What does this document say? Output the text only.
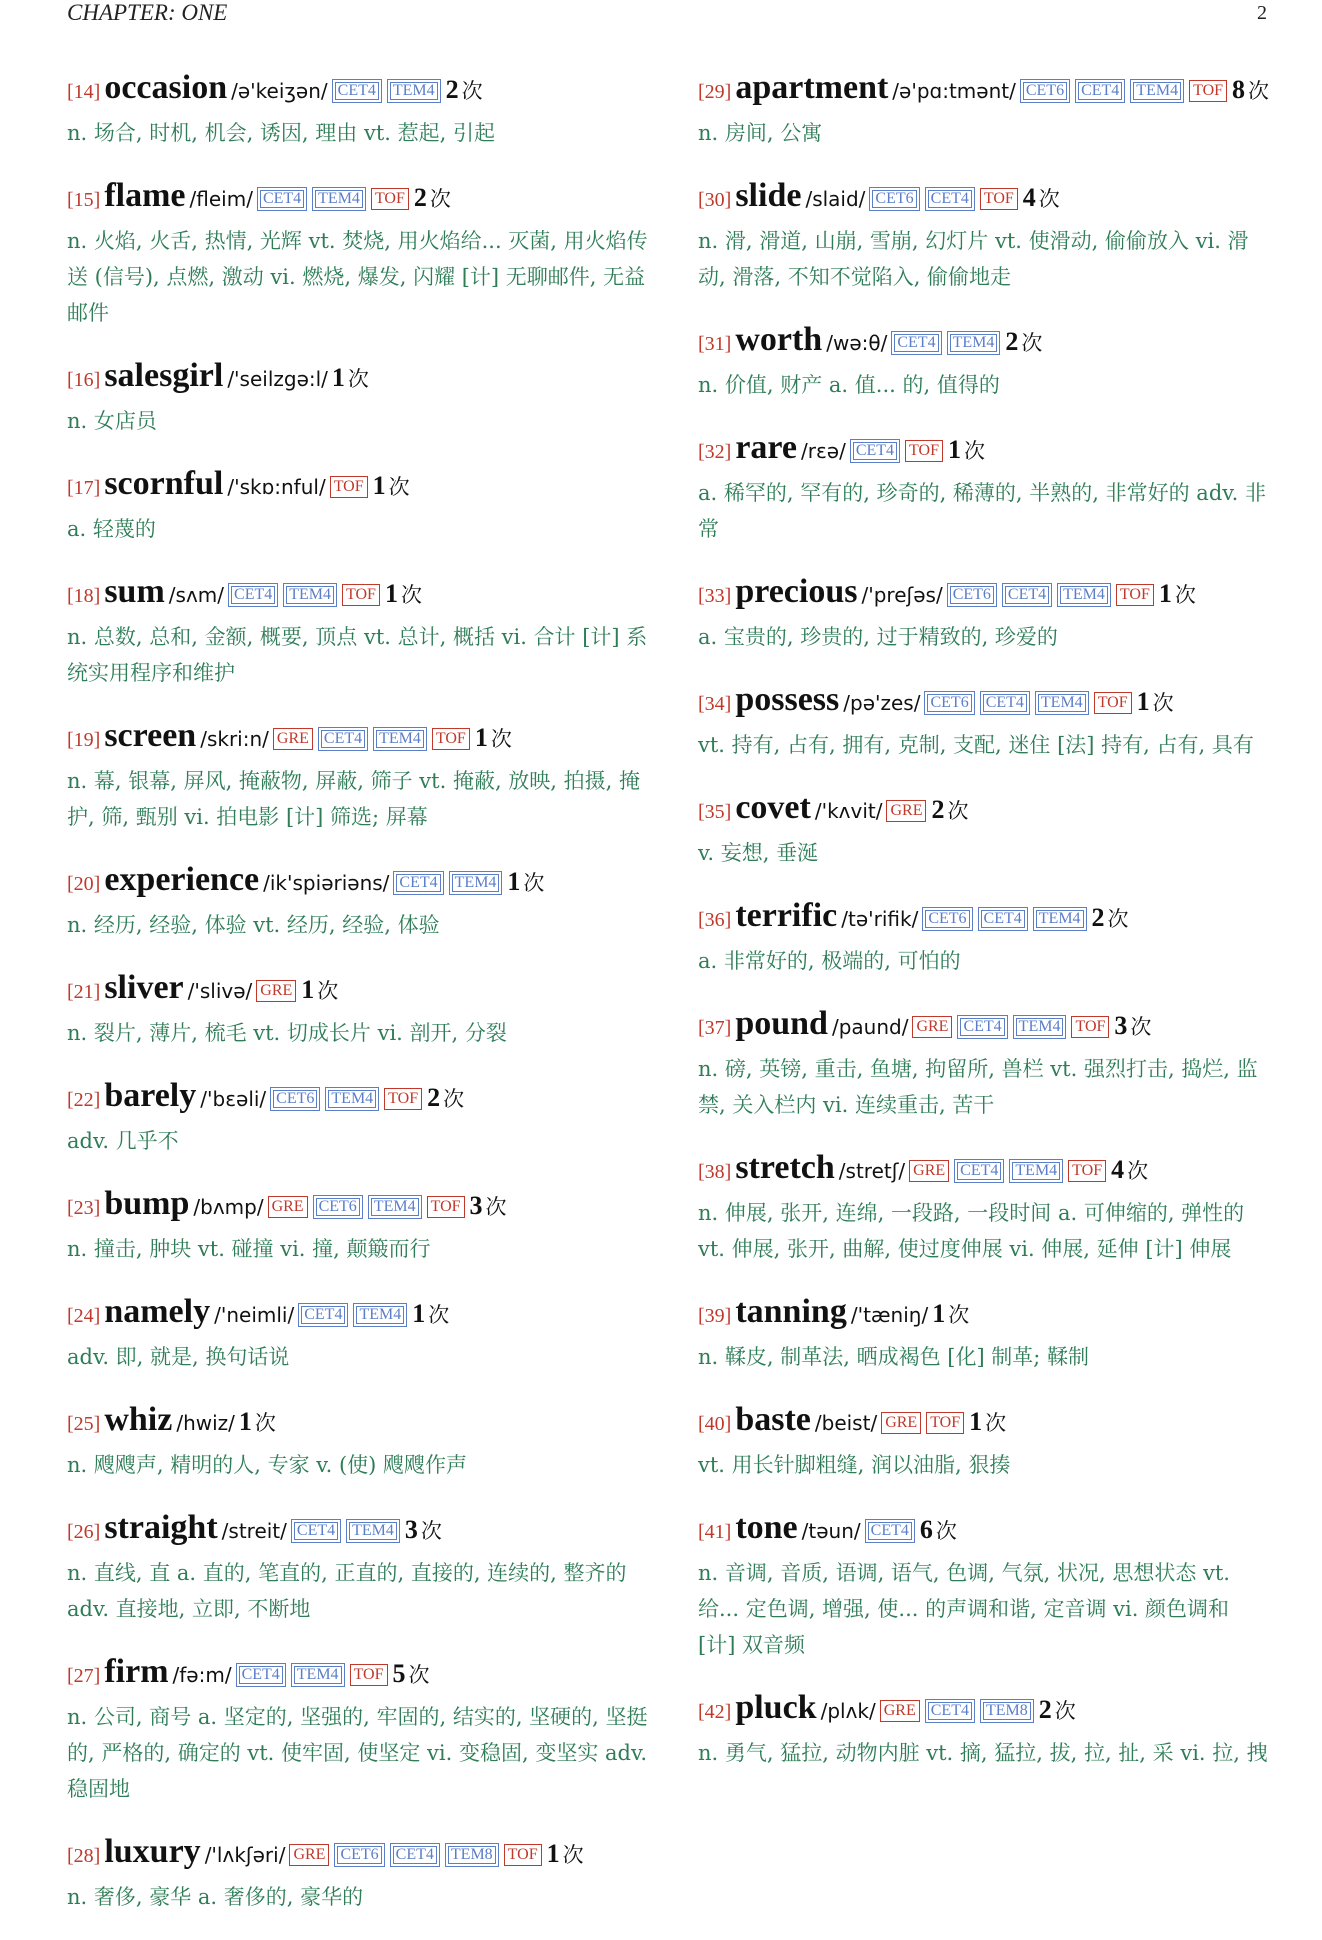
CHAPTER: ONE	2
[14] occasion /ə'keiʒən/ CET4 TEM4 2 次
n. 场合, 时机, 机会, 诱因, 理由 vt. 惹起, 引起
[15] flame /fleim/ CET4 TEM4 TOF 2 次
n. 火焰, 火舌, 热情, 光辉 vt. 焚烧, 用火焰给... 灭菌, 用火焰传送 (信号), 点燃, 激动 vi. 燃烧, 爆发, 闪耀 [计] 无聊邮件, 无益邮件
[16] salesgirl /'seilzgə:l/ 1 次
n. 女店员
[17] scornful /'skɒ:nful/ TOF 1 次
a. 轻蔑的
[18] sum /sʌm/ CET4 TEM4 TOF 1 次
n. 总数, 总和, 金额, 概要, 顶点 vt. 总计, 概括 vi. 合计 [计] 系统实用程序和维护
[19] screen /skri:n/ GRE CET4 TEM4 TOF 1 次
n. 幕, 银幕, 屏风, 掩蔽物, 屏蔽, 筛子 vt. 掩蔽, 放映, 拍摄, 掩护, 筛, 甄别 vi. 拍电影 [计] 筛选; 屏幕
[20] experience /ik'spiəriəns/ CET4 TEM4 1 次
n. 经历, 经验, 体验 vt. 经历, 经验, 体验
[21] sliver /'slivə/ GRE 1 次
n. 裂片, 薄片, 梳毛 vt. 切成长片 vi. 剖开, 分裂
[22] barely /'bɛəli/ CET6 TEM4 TOF 2 次
adv. 几乎不
[23] bump /bʌmp/ GRE CET6 TEM4 TOF 3 次
n. 撞击, 肿块 vt. 碰撞 vi. 撞, 颠簸而行
[24] namely /'neimli/ CET4 TEM4 1 次
adv. 即, 就是, 换句话说
[25] whiz /hwiz/ 1 次
n. 飕飕声, 精明的人, 专家 v. (使) 飕飕作声
[26] straight /streit/ CET4 TEM4 3 次
n. 直线, 直 a. 直的, 笔直的, 正直的, 直接的, 连续的, 整齐的 adv. 直接地, 立即, 不断地
[27] firm /fə:m/ CET4 TEM4 TOF 5 次
n. 公司, 商号 a. 坚定的, 坚强的, 牢固的, 结实的, 坚硬的, 坚挺的, 严格的, 确定的 vt. 使牢固, 使坚定 vi. 变稳固, 变坚实 adv. 稳固地
[28] luxury /'lʌkʃəri/ GRE CET6 CET4 TEM8 TOF 1 次
n. 奢侈, 豪华 a. 奢侈的, 豪华的
[29] apartment /ə'pɑ:tmənt/ CET6 CET4 TEM4 TOF 8 次
n. 房间, 公寓
[30] slide /slaid/ CET6 CET4 TOF 4 次
n. 滑, 滑道, 山崩, 雪崩, 幻灯片 vt. 使滑动, 偷偷放入 vi. 滑动, 滑落, 不知不觉陷入, 偷偷地走
[31] worth /wə:θ/ CET4 TEM4 2 次
n. 价值, 财产 a. 值... 的, 值得的
[32] rare /rɛə/ CET4 TOF 1 次
a. 稀罕的, 罕有的, 珍奇的, 稀薄的, 半熟的, 非常好的 adv. 非常
[33] precious /'preʃəs/ CET6 CET4 TEM4 TOF 1 次
a. 宝贵的, 珍贵的, 过于精致的, 珍爱的
[34] possess /pə'zes/ CET6 CET4 TEM4 TOF 1 次
vt. 持有, 占有, 拥有, 克制, 支配, 迷住 [法] 持有, 占有, 具有
[35] covet /'kʌvit/ GRE 2 次
v. 妄想, 垂涎
[36] terrific /tə'rifik/ CET6 CET4 TEM4 2 次
a. 非常好的, 极端的, 可怕的
[37] pound /paund/ GRE CET4 TEM4 TOF 3 次
n. 磅, 英镑, 重击, 鱼塘, 拘留所, 兽栏 vt. 强烈打击, 捣烂, 监禁, 关入栏内 vi. 连续重击, 苦干
[38] stretch /stretʃ/ GRE CET4 TEM4 TOF 4 次
n. 伸展, 张开, 连绵, 一段路, 一段时间 a. 可伸缩的, 弹性的 vt. 伸展, 张开, 曲解, 使过度伸展 vi. 伸展, 延伸 [计] 伸展
[39] tanning /'tæniŋ/ 1 次
n. 鞣皮, 制革法, 晒成褐色 [化] 制革; 鞣制
[40] baste /beist/ GRE TOF 1 次
vt. 用长针脚粗缝, 润以油脂, 狠揍
[41] tone /təun/ CET4 6 次
n. 音调, 音质, 语调, 语气, 色调, 气氛, 状况, 思想状态 vt. 给... 定色调, 增强, 使... 的声调和谐, 定音调 vi. 颜色调和 [计] 双音频
[42] pluck /plʌk/ GRE CET4 TEM8 2 次
n. 勇气, 猛拉, 动物内脏 vt. 摘, 猛拉, 拔, 拉, 扯, 采 vi. 拉, 拽
